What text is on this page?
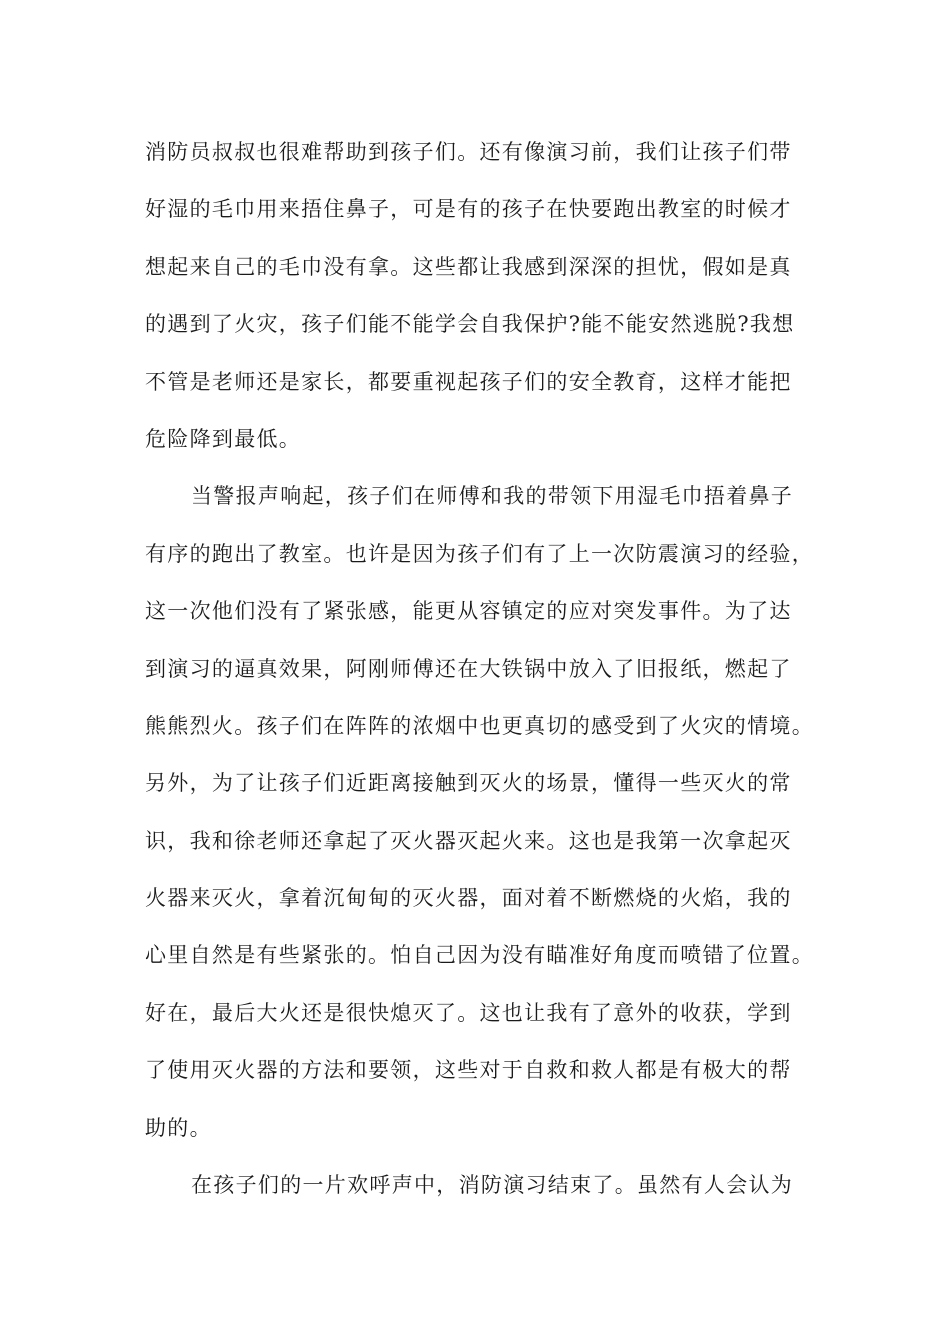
消防员叔叔也很难帮助到孩子们。还有像演习前，我们让孩子们带
好湿的毛巾用来捂住鼻子，可是有的孩子在快要跑出教室的时候才
想起来自己的毛巾没有拿。这些都让我感到深深的担忧，假如是真
的遇到了火灾，孩子们能不能学会自我保护?能不能安然逃脱?我想
不管是老师还是家长，都要重视起孩子们的安全教育，这样才能把
危险降到最低。
当警报声响起，孩子们在师傅和我的带领下用湿毛巾捂着鼻子
有序的跑出了教室。也许是因为孩子们有了上一次防震演习的经验，
这一次他们没有了紧张感，能更从容镇定的应对突发事件。为了达
到演习的逼真效果，阿刚师傅还在大铁锅中放入了旧报纸，燃起了
熊熊烈火。孩子们在阵阵的浓烟中也更真切的感受到了火灾的情境。
另外，为了让孩子们近距离接触到灭火的场景，懂得一些灭火的常
识，我和徐老师还拿起了灭火器灭起火来。这也是我第一次拿起灭
火器来灭火，拿着沉甸甸的灭火器，面对着不断燃烧的火焰，我的
心里自然是有些紧张的。怕自己因为没有瞄准好角度而喷错了位置。
好在，最后大火还是很快熄灭了。这也让我有了意外的收获，学到
了使用灭火器的方法和要领，这些对于自救和救人都是有极大的帮
助的。
在孩子们的一片欢呼声中，消防演习结束了。虽然有人会认为
